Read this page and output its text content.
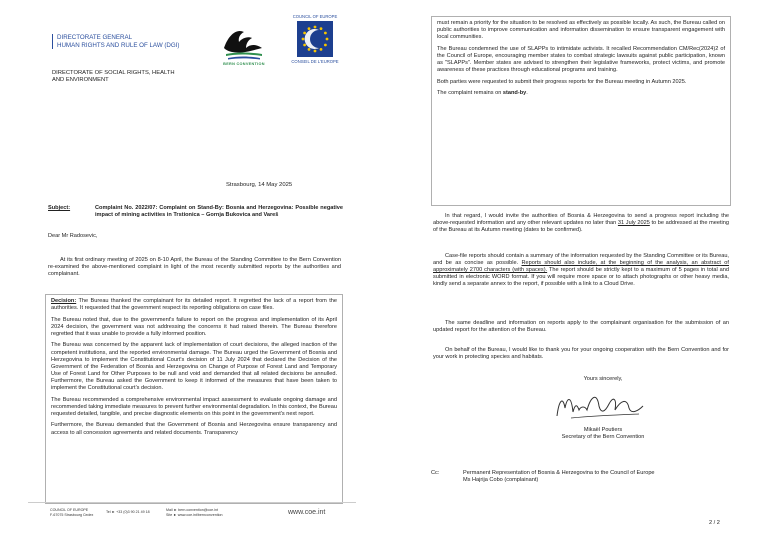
DIRECTORATE GENERAL
HUMAN RIGHTS AND RULE OF LAW (DGI)
DIRECTORATE OF SOCIAL RIGHTS, HEALTH
AND ENVIRONMENT
BERN CONVENTION
COUNCIL OF EUROPE
CONSEIL DE L'EUROPE
Strasbourg, 14 May 2025
Subject:	Complaint No. 2022/07: Complaint on Stand-By: Bosnia and Herzegovina: Possible negative impact of mining activities in Trstionica – Gornja Bukovica and Vareš
Dear Mr Radosevic,
At its first ordinary meeting of 2025 on 8-10 April, the Bureau of the Standing Committee to the Bern Convention re-examined the above-mentioned complaint in light of the most recently submitted reports by the authorities and complainant.

Decision: The Bureau thanked the complainant for its detailed report. It regretted the lack of a report from the authorities. It requested that the government respect its reporting obligations on case files.

The Bureau noted that, due to the government's failure to report on the progress and implementation of its April 2024 decision, the government was not addressing the concerns it had raised therein. The Bureau therefore regretted that it was unable to provide a fully informed position.

The Bureau was concerned by the apparent lack of implementation of court decisions, the alleged inaction of the competent institutions, and the reported environmental damage. The Bureau urged the Government of Bosnia and Herzegovina to implement the Constitutional Court's decision of 11 July 2024 that declared the Decision of the Government of the Federation of Bosnia and Herzegovina on Change of Purpose of Forest Land and Temporary Use of Forest Land for Other Purposes to be null and void and demanded that all related decisions be annulled. Furthermore, the Bureau asked the Government to keep it informed of the measures that have been taken to implement the Constitutional court's decision.

The Bureau recommended a comprehensive environmental impact assessment to evaluate ongoing damage and recommended taking immediate measures to prevent further environmental degradation. In this context, the Bureau requested detailed, tangible, and precise diagnostic elements on this point in the government's next report.

Furthermore, the Bureau demanded that the Government of Bosnia and Herzegovina ensure transparency and access to all concession agreements and related documents. Transparency

COUNCIL OF EUROPE
F-67075 Strasbourg Cedex
Tel ► +33 (0)3 90 21 49 18	Mail ► bern.convention@coe.int
Site ► www.coe.int/bernconvention	www.coe.int

must remain a priority for the situation to be resolved as effectively as possible locally. As such, the Bureau called on public authorities to improve communication and information dissemination to ensure transparent engagement with local communities.

The Bureau condemned the use of SLAPPs to intimidate activists. It recalled Recommendation CM/Rec(2024)2 of the Council of Europe, encouraging member states to combat strategic lawsuits against public participation, known as "SLAPPs". Member states are advised to strengthen their legislative frameworks, protect victims, and promote awareness of these practices through educational programs and training.

Both parties were requested to submit their progress reports for the Bureau meeting in Autumn 2025.

The complaint remains on stand-by.

In that regard, I would invite the authorities of Bosnia & Herzegovina to send a progress report including the above-requested information and any other relevant updates no later than 31 July 2025 to be addressed at the meeting of the Bureau at its Autumn meeting (dates to be confirmed).
Case-file reports should contain a summary of the information requested by the Standing Committee or its Bureau, and be as concise as possible. Reports should also include, at the beginning of the analysis, an abstract of approximately 2700 characters (with spaces). The report should be strictly kept to a maximum of 5 pages in total and submitted in electronic WORD format. If you will require more space or to attach photographs or other heavy media, kindly send a separate annex to the report, if possible with a link to a Cloud Drive.
The same deadline and information on reports apply to the complainant organisation for the submission of an updated report for the attention of the Bureau.
On behalf of the Bureau, I would like to thank you for your ongoing cooperation with the Bern Convention and for your work in protecting species and habitats.
Yours sincerely,
Mikaël Poutiers
Secretary of the Bern Convention
Cc:	Permanent Representation of Bosnia & Herzegovina to the Council of Europe
Ms Hajrija Cobo (complainant)
2 / 2
